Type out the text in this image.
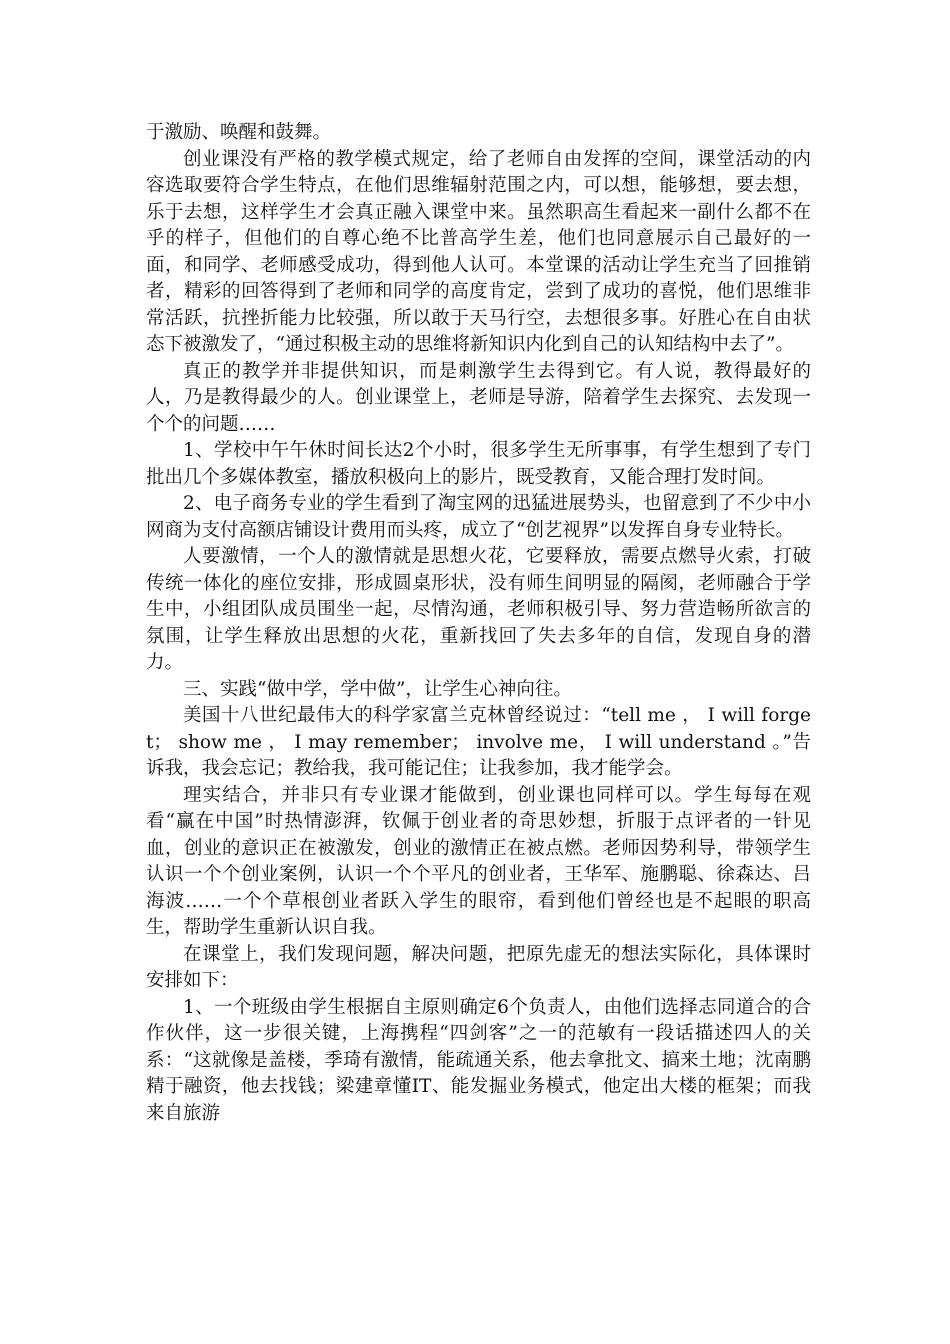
于激励、唤醒和鼓舞。

创业课没有严格的教学模式规定，给了老师自由发挥的空间，课堂活动的内容选取要符合学生特点，在他们思维辐射范围之内，可以想，能够想，要去想，乐于去想，这样学生才会真正融入课堂中来。虽然职高生看起来一副什么都不在乎的样子，但他们的自尊心绝不比普高学生差，他们也同意展示自己最好的一面，和同学、老师感受成功，得到他人认可。本堂课的活动让学生充当了回推销者，精彩的回答得到了老师和同学的高度肯定，尝到了成功的喜悦，他们思维非常活跃，抗挫折能力比较强，所以敢于天马行空，去想很多事。好胜心在自由状态下被激发了，“通过积极主动的思维将新知识内化到自己的认知结构中去了”。

真正的教学并非提供知识，而是刺激学生去得到它。有人说，教得最好的人，乃是教得最少的人。创业课堂上，老师是导游，陪着学生去探究、去发现一个个的问题……

1、学校中午午休时间长达2个小时，很多学生无所事事，有学生想到了专门批出几个多媒体教室，播放积极向上的影片，既受教育，又能合理打发时间。

2、电子商务专业的学生看到了淘宝网的迅猛进展势头，也留意到了不少中小网商为支付高额店铺设计费用而头疼，成立了“创艺视界”以发挥自身专业特长。

人要激情，一个人的激情就是思想火花，它要释放，需要点燃导火索，打破传统一体化的座位安排，形成圆桌形状，没有师生间明显的隔阂，老师融合于学生中，小组团队成员围坐一起，尽情沟通，老师积极引导、努力营造畅所欲言的氛围，让学生释放出思想的火花，重新找回了失去多年的自信，发现自身的潜力。

三、实践“做中学，学中做”，让学生心神向往。

美国十八世纪最伟大的科学家富兰克林曾经说过：“tell me ， I will forget； show me ， I may remember； involve me， I will understand 。”告诉我，我会忘记；教给我，我可能记住；让我参加，我才能学会。

理实结合，并非只有专业课才能做到，创业课也同样可以。学生每每在观看“赢在中国”时热情澎湃，钦佩于创业者的奇思妙想，折服于点评者的一针见血，创业的意识正在被激发，创业的激情正在被点燃。老师因势利导，带领学生认识一个个创业案例，认识一个个平凡的创业者，王华军、施鹏聪、徐森达、吕海波……一个个草根创业者跃入学生的眼帘，看到他们曾经也是不起眼的职高生，帮助学生重新认识自我。

在课堂上，我们发现问题，解决问题，把原先虚无的想法实际化，具体课时安排如下：

1、一个班级由学生根据自主原则确定6个负责人，由他们选择志同道合的合作伙伴，这一步很关键，上海携程“四剑客”之一的范敏有一段话描述四人的关系：“这就像是盖楼，季琦有激情，能疏通关系，他去拿批文、搞来土地；沈南鹏精于融资，他去找钱；梁建章懂IT、能发掘业务模式，他定出大楼的框架；而我来自旅游
